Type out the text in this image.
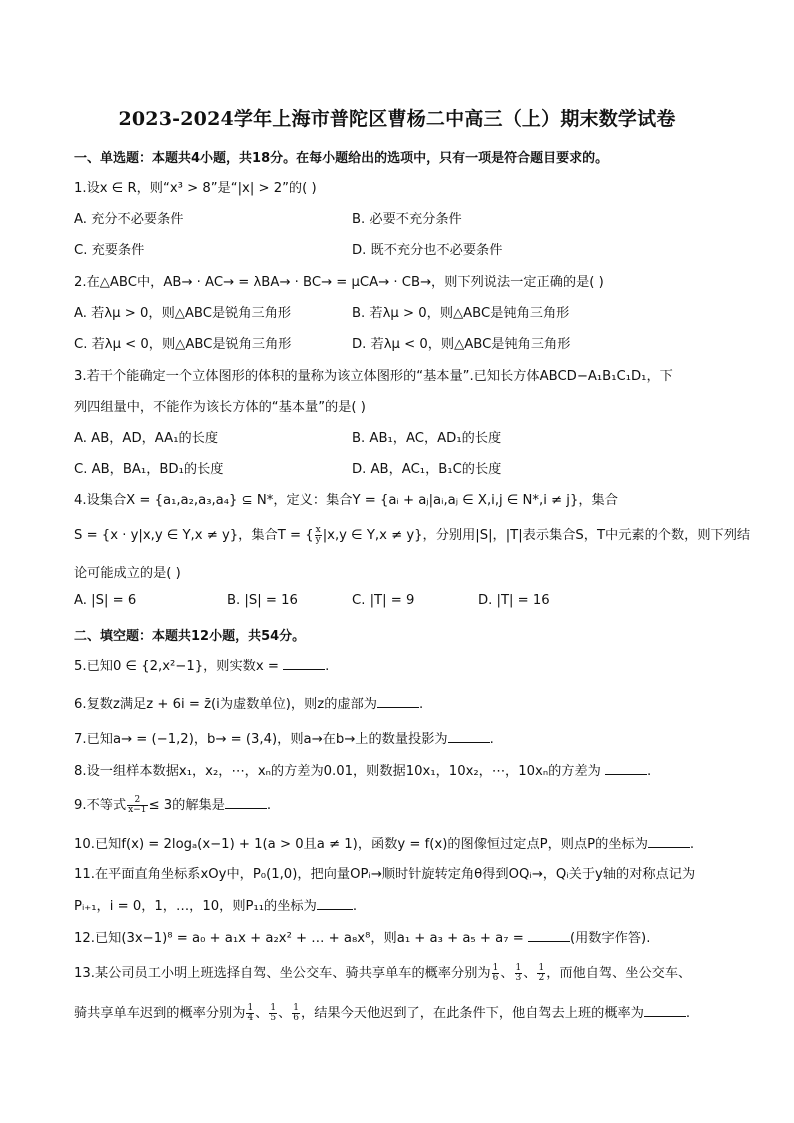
2023-2024学年上海市普陀区曹杨二中高三（上）期末数学试卷
一、单选题：本题共4小题，共18分。在每小题给出的选项中，只有一项是符合题目要求的。
1.设x ∈ R，则“x³ > 8”是“|x| > 2”的( )
A. 充分不必要条件	B. 必要不充分条件
C. 充要条件	D. 既不充分也不必要条件
2.在△ABC中，AB→ · AC→ = λBA→ · BC→ = μCA→ · CB→，则下列说法一定正确的是( )
A. 若λμ > 0，则△ABC是锐角三角形	B. 若λμ > 0，则△ABC是钝角三角形
C. 若λμ < 0，则△ABC是锐角三角形	D. 若λμ < 0，则△ABC是钝角三角形
3.若干个能确定一个立体图形的体积的量称为该立体图形的“基本量”.已知长方体ABCD−A₁B₁C₁D₁，下
列四组量中，不能作为该长方体的“基本量”的是( )
A. AB，AD，AA₁的长度	B. AB₁，AC，AD₁的长度
C. AB，BA₁，BD₁的长度	D. AB，AC₁，B₁C的长度
4.设集合X = {a₁,a₂,a₃,a₄} ⊆ N*，定义：集合Y = {aᵢ + aⱼ|aᵢ,aⱼ ∈ X,i,j ∈ N*,i ≠ j}，集合
S = {x · y|x,y ∈ Y,x ≠ y}，集合T = { $\frac{x}{y} |x,y$ ∈ Y,x ≠ y}，分别用|S|，|T|表示集合S，T中元素的个数，则下列结
论可能成立的是( )
A. |S| = 6	B. |S| = 16	C. |T| = 9	D. |T| = 16
二、填空题：本题共12小题，共54分。
5.已知0 ∈ {2,x²−1}，则实数x =	.
6.复数z满足z + 6i = z̄(i为虚数单位)，则z的虚部为	.
7.已知a→ = (−1,2)，b→ = (3,4)，则a→在b→上的数量投影为	.
8.设一组样本数据x₁，x₂，⋯，xₙ的方差为0.01，则数据10x₁，10x₂，⋯，10xₙ的方差为	.
9.不等式 $\frac{2}{x-1} \le 3$的解集是	.
10.已知f(x) = 2logₐ(x−1) + 1(a > 0且a ≠ 1)，函数y = f(x)的图像恒过定点P，则点P的坐标为	.
11.在平面直角坐标系xOy中，P₀(1,0)，把向量OPᵢ→顺时针旋转定角θ得到OQᵢ→，Qᵢ关于y轴的对称点记为
Pᵢ₊₁，i = 0，1，…，10，则P₁₁的坐标为	.
12.已知(3x−1)⁸ = a₀ + a₁x + a₂x² + … + a₈x⁸，则a₁ + a₃ + a₅ + a₇ =	(用数字作答).
13.某公司员工小明上班选择自驾、坐公交车、骑共享单车的概率分别为 $\frac{1}{6}$ 、 $\frac{1}{3}$ 、 $\frac{1}{2}$ ，而他自驾、坐公交车、
骑共享单车迟到的概率分别为 $\frac{1}{4}$ 、 $\frac{1}{5}$ 、 $\frac{1}{6}$ ，结果今天他迟到了，在此条件下，他自驾去上班的概率为	.
